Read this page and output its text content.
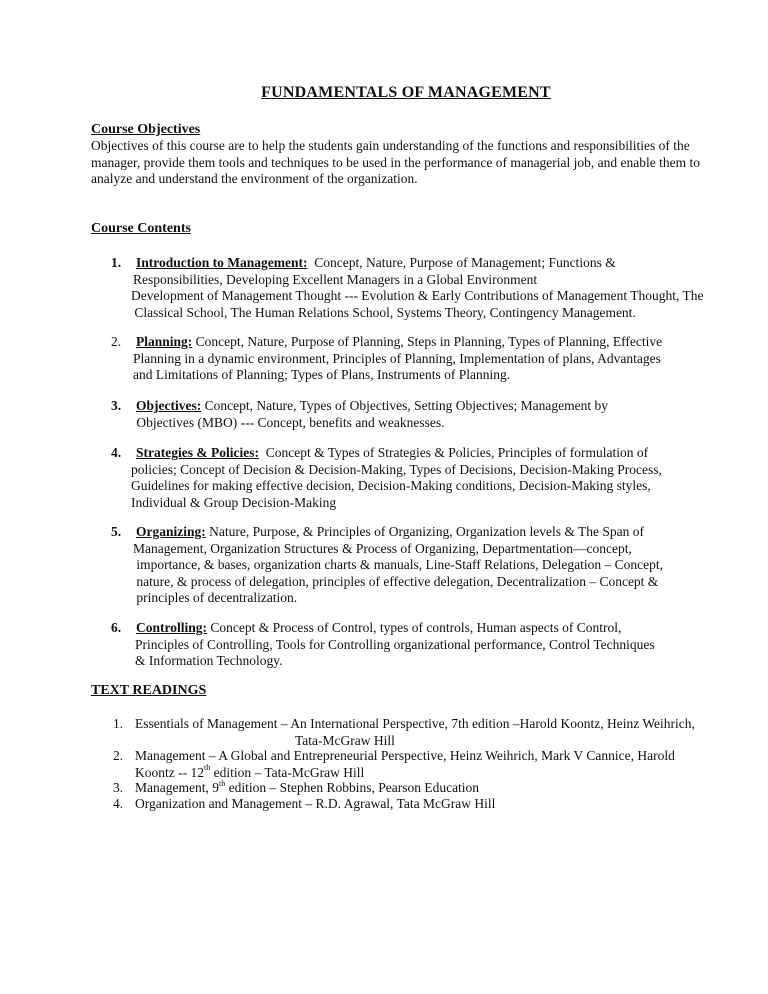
FUNDAMENTALS OF MANAGEMENT
Course Objectives
Objectives of this course are to help the students gain understanding of the functions and responsibilities of the
manager, provide them tools and techniques to be used in the performance of managerial job, and enable them to
analyze and understand the environment of the organization.
Course Contents
1.	Introduction to Management:  Concept, Nature, Purpose of Management; Functions &
Responsibilities, Developing Excellent Managers in a Global Environment
Development of Management Thought --- Evolution & Early Contributions of Management Thought, The
Classical School, The Human Relations School, Systems Theory, Contingency Management.
2.	Planning: Concept, Nature, Purpose of Planning, Steps in Planning, Types of Planning, Effective
Planning in a dynamic environment, Principles of Planning, Implementation of plans, Advantages
and Limitations of Planning; Types of Plans, Instruments of Planning.
3.	Objectives: Concept, Nature, Types of Objectives, Setting Objectives; Management by
Objectives (MBO) --- Concept, benefits and weaknesses.
4.	Strategies & Policies:  Concept & Types of Strategies & Policies, Principles of formulation of
policies; Concept of Decision & Decision-Making, Types of Decisions, Decision-Making Process,
Guidelines for making effective decision, Decision-Making conditions, Decision-Making styles,
Individual & Group Decision-Making
5.	Organizing: Nature, Purpose, & Principles of Organizing, Organization levels & The Span of
Management, Organization Structures & Process of Organizing, Departmentation—concept,
importance, & bases, organization charts & manuals, Line-Staff Relations, Delegation – Concept,
nature, & process of delegation, principles of effective delegation, Decentralization – Concept &
principles of decentralization.
6.	Controlling: Concept & Process of Control, types of controls, Human aspects of Control,
Principles of Controlling, Tools for Controlling organizational performance, Control Techniques
& Information Technology.
TEXT READINGS
1. Essentials of Management – An International Perspective, 7th edition –Harold Koontz, Heinz Weihrich,
Tata-McGraw Hill
2. Management – A Global and Entrepreneurial Perspective, Heinz Weihrich, Mark V Cannice, Harold
Koontz -- 12th edition – Tata-McGraw Hill
3. Management, 9th edition – Stephen Robbins, Pearson Education
4. Organization and Management – R.D. Agrawal, Tata McGraw Hill
